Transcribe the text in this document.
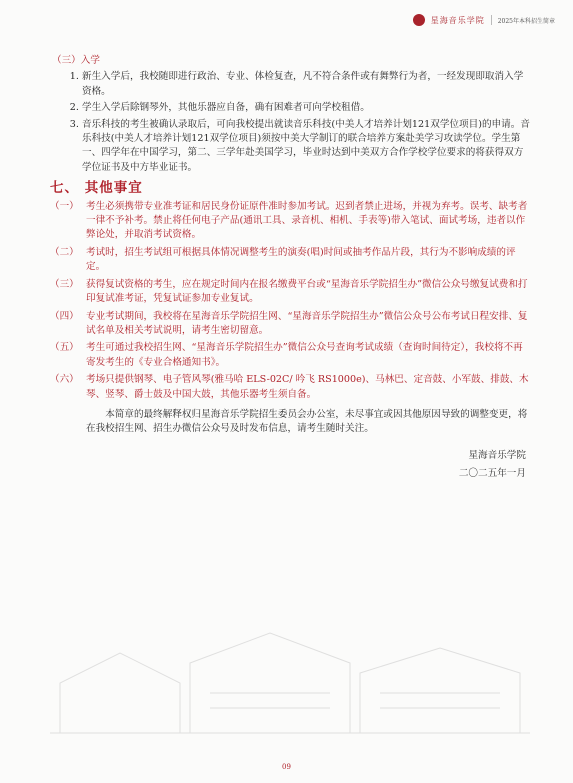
星海音乐学院 2025年本科招生简章
（三）入学
1. 新生入学后，我校随即进行政治、专业、体检复查，凡不符合条件或有舞弊行为者，一经发现即取消入学资格。
2. 学生入学后除钢琴外，其他乐器应自备，确有困难者可向学校租借。
3. 音乐科技的考生被确认录取后，可向我校提出就读音乐科技(中美人才培养计划121双学位项目)的申请。音乐科技(中美人才培养计划121双学位项目)须按中美大学制订的联合培养方案赴美学习攻读学位。学生第一、四学年在中国学习，第二、三学年赴美国学习，毕业时达到中美双方合作学校学位要求的将获得双方学位证书及中方毕业证书。
七、 其他事宜
（一） 考生必须携带专业准考证和居民身份证原件准时参加考试。迟到者禁止进场，并视为弃考。误考、缺考者一律不予补考。禁止将任何电子产品(通讯工具、录音机、相机、手表等)带入笔试、面试考场，违者以作弊论处，并取消考试资格。
（二） 考试时，招生考试组可根据具体情况调整考生的演奏(唱)时间或抽考作品片段，其行为不影响成绩的评定。
（三） 获得复试资格的考生，应在规定时间内在报名缴费平台或“星海音乐学院招生办”微信公众号缴复试费和打印复试准考证，凭复试证参加专业复试。
（四） 专业考试期间，我校将在星海音乐学院招生网、“星海音乐学院招生办”微信公众号公布考试日程安排、复试名单及相关考试说明，请考生密切留意。
（五） 考生可通过我校招生网、“星海音乐学院招生办”微信公众号查询考试成绩（查询时间待定），我校将不再寄发考生的《专业合格通知书》。
（六） 考场只提供钢琴、电子管风琴(雅马哈 ELS-02C/ 吟飞 RS1000e)、马林巴、定音鼓、小军鼓、排鼓、木琴、竖琴、爵士鼓及中国大鼓，其他乐器考生须自备。
本简章的最终解释权归星海音乐学院招生委员会办公室，未尽事宜或因其他原因导致的调整变更，将在我校招生网、招生办微信公众号及时发布信息，请考生随时关注。
星海音乐学院
二〇二五年一月
09
